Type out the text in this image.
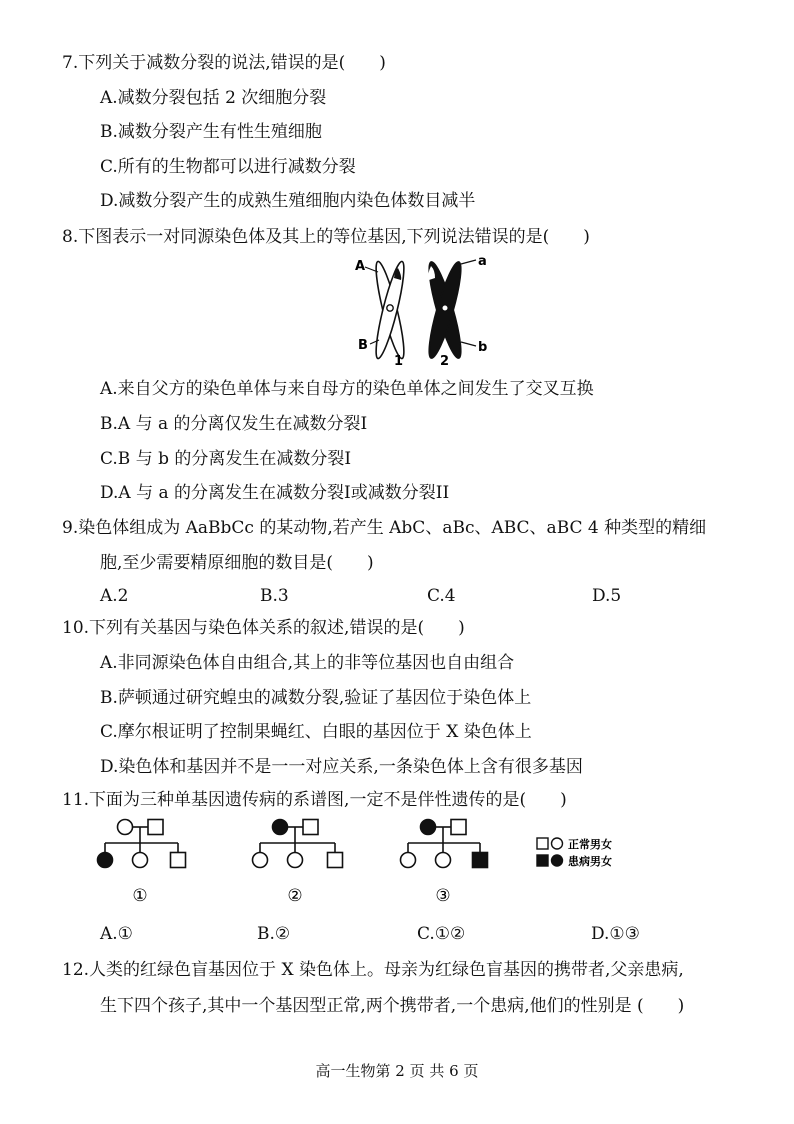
7.下列关于减数分裂的说法,错误的是(　　)
A.减数分裂包括 2 次细胞分裂
B.减数分裂产生有性生殖细胞
C.所有的生物都可以进行减数分裂
D.减数分裂产生的成熟生殖细胞内染色体数目减半
8.下图表示一对同源染色体及其上的等位基因,下列说法错误的是(　　)
A	a
B	b
1	2
A.来自父方的染色单体与来自母方的染色单体之间发生了交叉互换
B.A 与 a 的分离仅发生在减数分裂I
C.B 与 b 的分离发生在减数分裂I
D.A 与 a 的分离发生在减数分裂I或减数分裂II
9.染色体组成为 AaBbCc 的某动物,若产生 AbC、aBc、ABC、aBC 4 种类型的精细
胞,至少需要精原细胞的数目是(　　)
A.2	B.3	C.4	D.5
10.下列有关基因与染色体关系的叙述,错误的是(　　)
A.非同源染色体自由组合,其上的非等位基因也自由组合
B.萨顿通过研究蝗虫的减数分裂,验证了基因位于染色体上
C.摩尔根证明了控制果蝇红、白眼的基因位于 X 染色体上
D.染色体和基因并不是一一对应关系,一条染色体上含有很多基因
11.下面为三种单基因遗传病的系谱图,一定不是伴性遗传的是(　　)
正常男女
患病男女
①	②	③
A.①	B.②	C.①②	D.①③
12.人类的红绿色盲基因位于 X 染色体上。母亲为红绿色盲基因的携带者,父亲患病,
生下四个孩子,其中一个基因型正常,两个携带者,一个患病,他们的性别是 (　　)
高一生物第 2 页 共 6 页
